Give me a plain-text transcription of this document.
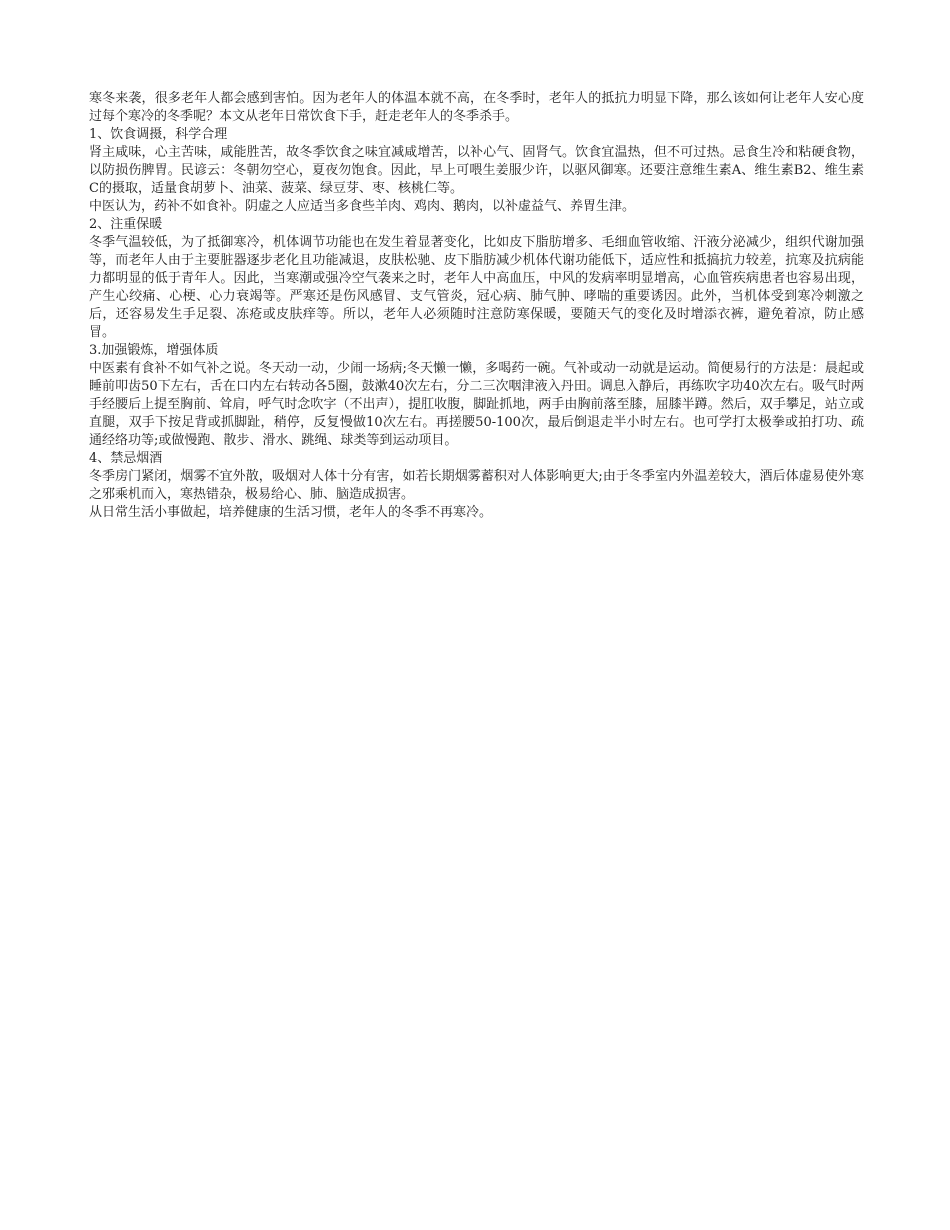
寒冬来袭，很多老年人都会感到害怕。因为老年人的体温本就不高，在冬季时，老年人的抵抗力明显下降，那么该如何让老年人安心度过每个寒冷的冬季呢？本文从老年日常饮食下手，赶走老年人的冬季杀手。

1、饮食调摄，科学合理

肾主咸味，心主苦味，咸能胜苦，故冬季饮食之味宜减咸增苦，以补心气、固肾气。饮食宜温热，但不可过热。忌食生冷和粘硬食物，以防损伤脾胃。民谚云：冬朝勿空心，夏夜勿饱食。因此，早上可喂生姜服少许，以驱风御寒。还要注意维生素A、维生素B2、维生素C的摄取，适量食胡萝卜、油菜、菠菜、绿豆芽、枣、核桃仁等。

中医认为，药补不如食补。阴虚之人应适当多食些羊肉、鸡肉、鹅肉，以补虚益气、养胃生津。

2、注重保暖

冬季气温较低，为了抵御寒冷，机体调节功能也在发生着显著变化，比如皮下脂肪增多、毛细血管收缩、汗液分泌减少，组织代谢加强等，而老年人由于主要脏器逐步老化且功能减退，皮肤松驰、皮下脂肪减少机体代谢功能低下，适应性和抵搞抗力较差，抗寒及抗病能力都明显的低于青年人。因此，当寒潮或强冷空气袭来之时，老年人中高血压，中风的发病率明显增高，心血管疾病患者也容易出现，产生心绞痛、心梗、心力衰竭等。严寒还是伤风感冒、支气管炎，冠心病、肺气肿、哮喘的重要诱因。此外，当机体受到寒冷刺激之后，还容易发生手足裂、冻疮或皮肤痒等。所以，老年人必须随时注意防寒保暖，要随天气的变化及时增添衣裤，避免着凉，防止感冒。

3.加强锻炼，增强体质

中医素有食补不如气补之说。冬天动一动，少闹一场病;冬天懒一懒，多喝药一碗。气补或动一动就是运动。简便易行的方法是：晨起或睡前叩齿50下左右，舌在口内左右转动各5圈，鼓漱40次左右，分二三次咽津液入丹田。调息入静后，再练吹字功40次左右。吸气时两手经腰后上提至胸前、耸肩，呼气时念吹字（不出声），提肛收腹，脚趾抓地，两手由胸前落至膝，屈膝半蹲。然后，双手攀足，站立或直腿，双手下按足背或抓脚趾，稍停，反复慢做10次左右。再搓腰50-100次，最后倒退走半小时左右。也可学打太极拳或拍打功、疏通经络功等;或做慢跑、散步、滑水、跳绳、球类等到运动项目。

4、禁忌烟酒

冬季房门紧闭，烟雾不宜外散，吸烟对人体十分有害，如若长期烟雾蓄积对人体影响更大;由于冬季室内外温差较大，酒后体虚易使外寒之邪乘机而入，寒热错杂，极易给心、肺、脑造成损害。

从日常生活小事做起，培养健康的生活习惯，老年人的冬季不再寒冷。
